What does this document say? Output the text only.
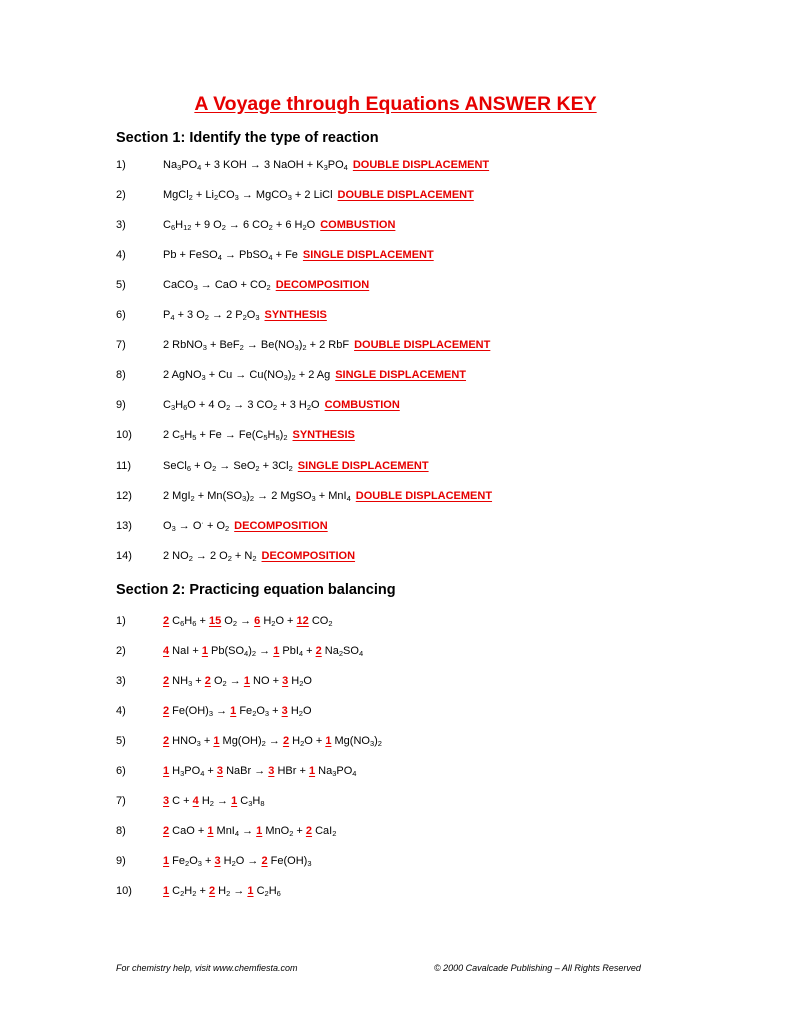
A Voyage through Equations ANSWER KEY
Section 1: Identify the type of reaction
1)	$Na_3PO_4 + 3$ KOH → 3 NaOH + $K_3PO_4$ DOUBLE DISPLACEMENT
2)	MgCl$_2$ + $Li_2CO_3$ → MgCO$_3$ + 2 LiCl DOUBLE DISPLACEMENT
3)	$C_6H_{12} + 9$ $O_2 \to 6$ $CO_2 + 6$ $H_2O$ COMBUSTION
4)	Pb + FeSO$_4$ → PbSO$_4$ + Fe SINGLE DISPLACEMENT
5)	CaCO$_3$ → CaO + $CO_2$ DECOMPOSITION
6)	$P_4 + 3$ $O_2 \to 2$ $P_2O_3$ SYNTHESIS
7)	2 RbNO$_3$ + $BeF_2 \to Be(NO_3)_2 + 2$ RbF DOUBLE DISPLACEMENT
8)	2 AgNO$_3$ + $Cu \to Cu(NO_3)_2 + 2$ Ag SINGLE DISPLACEMENT
9)	$C_3H_6O + 4$ $O_2 \to 3$ $CO_2 + 3$ $H_2O$ COMBUSTION
10)	2 $C_5H_5 + Fe \to Fe(C_5H_5)_2$ SYNTHESIS
11)	SeCl$_6$ + $O_2 \to SeO_2 + 3Cl_2$ SINGLE DISPLACEMENT
12)	2 $MgI_2 + Mn(SO_3)_2 \to 2$ MgSO$_3$ + MnI$_4$ DOUBLE DISPLACEMENT
13)	$O_3 \to O^\cdot + O_2$ DECOMPOSITION
14)	2 $NO_2 \to 2$ $O_2 + N_2$ DECOMPOSITION
Section 2: Practicing equation balancing
1)	2 $C_6H_6 + 15$ $O_2 \to 6$ $H_2O + 12$ $CO_2$
2)	4 NaI + 1 $Pb(SO_4)_2 \to 1$ PbI$_4$ + 2 $Na_2SO_4$
3)	2 $NH_3 + 2$ $O_2 \to 1$ NO + 3 $H_2O$
4)	2 $Fe(OH)_3 \to 1$ $Fe_2O_3 + 3$ $H_2O$
5)	2 $HNO_3 + 1$ $Mg(OH)_2 \to 2$ $H_2O + 1$ $Mg(NO_3)_2$
6)	1 $H_3PO_4 + 3$ NaBr → 3 HBr + 1 $Na_3PO_4$
7)	3 C + 4 $H_2 \to 1$ $C_3H_8$
8)	2 CaO + 1 MnI$_4$ → 1 MnO$_2$ + 2 CaI$_2$
9)	1 $Fe_2O_3 + 3$ $H_2O \to 2$ $Fe(OH)_3$
10)	1 $C_2H_2 + 2$ $H_2 \to 1$ $C_2H_6$
For chemistry help, visit www.chemfiesta.com	© 2000 Cavalcade Publishing – All Rights Reserved
